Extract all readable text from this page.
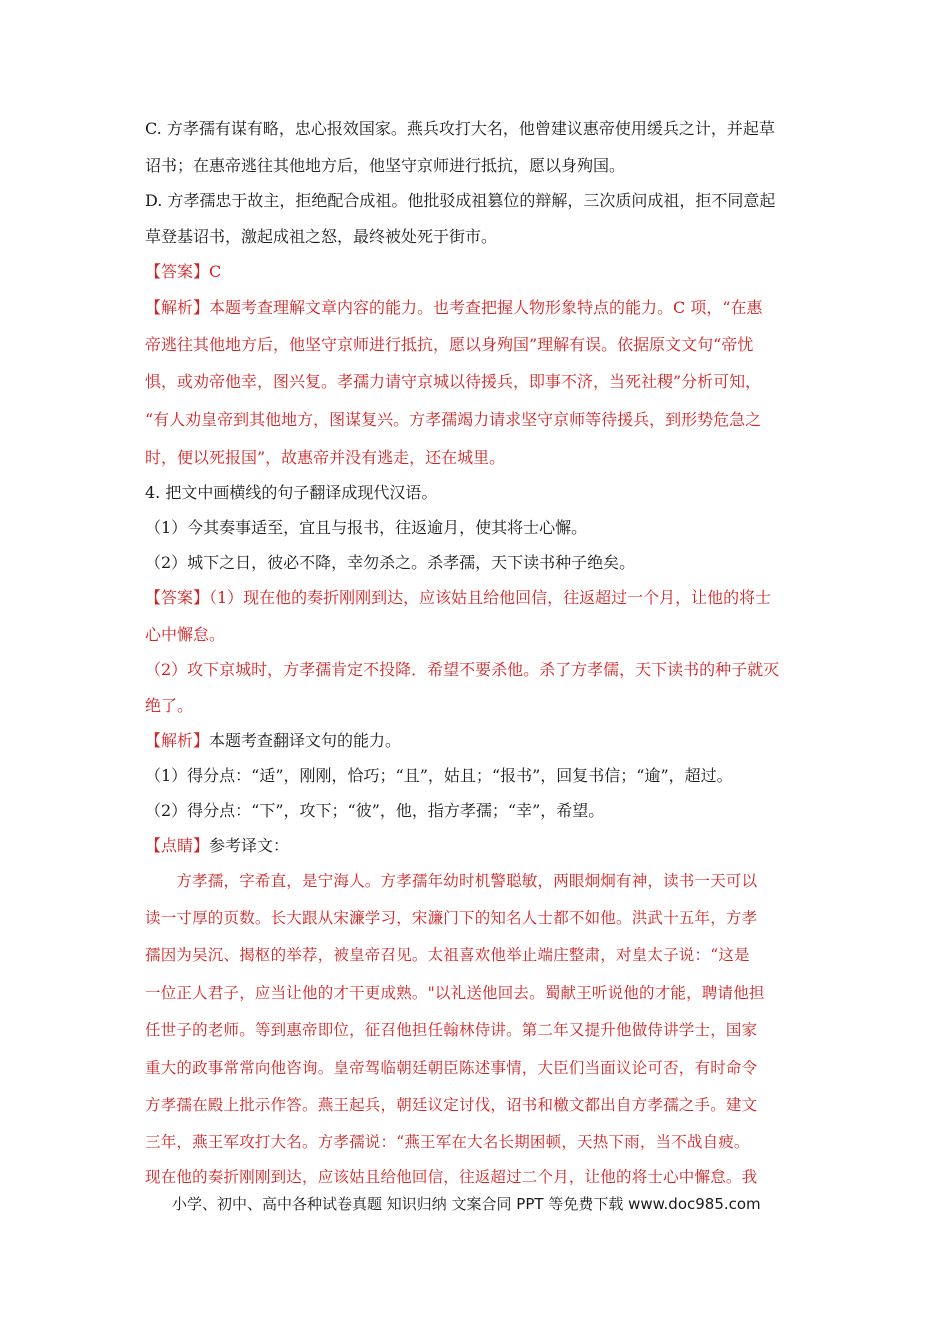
C. 方孝孺有谋有略，忠心报效国家。燕兵攻打大名，他曾建议惠帝使用缓兵之计，并起草
诏书；在惠帝逃往其他地方后，他坚守京师进行抵抗，愿以身殉国。
D. 方孝孺忠于故主，拒绝配合成祖。他批驳成祖篡位的辩解，三次质问成祖，拒不同意起
草登基诏书，激起成祖之怒，最终被处死于街市。
【答案】C
【解析】本题考查理解文章内容的能力。也考查把握人物形象特点的能力。C 项，“在惠
帝逃往其他地方后，他坚守京师进行抵抗，愿以身殉国”理解有误。依据原文文句“帝忧
惧，或劝帝他幸，图兴复。孝孺力请守京城以待援兵，即事不济，当死社稷”分析可知，
“有人劝皇帝到其他地方，图谋复兴。方孝孺竭力请求坚守京师等待援兵，到形势危急之
时，便以死报国”，故惠帝并没有逃走，还在城里。
4. 把文中画横线的句子翻译成现代汉语。
（1）今其奏事适至，宜且与报书，往返逾月，使其将士心懈。
（2）城下之日，彼必不降，幸勿杀之。杀孝孺，天下读书种子绝矣。
【答案】（1）现在他的奏折刚刚到达，应该姑且给他回信，往返超过一个月，让他的将士
心中懈怠。
（2）攻下京城时，方孝孺肯定不投降．希望不要杀他。杀了方孝儒，天下读书的种子就灭
绝了。
【解析】本题考查翻译文句的能力。
（1）得分点：“适”，刚刚，恰巧；“且”，姑且；“报书”，回复书信；“逾”，超过。
（2）得分点：“下”，攻下；“彼”，他，指方孝孺；“幸”，希望。
【点睛】参考译文：
　　方孝孺，字希直，是宁海人。方孝孺年幼时机警聪敏，两眼炯炯有神，读书一天可以
读一寸厚的页数。长大跟从宋濂学习，宋濂门下的知名人士都不如他。洪武十五年，方孝
孺因为吴沉、揭枢的举荐，被皇帝召见。太祖喜欢他举止端庄整肃，对皇太子说：“这是
一位正人君子，应当让他的才干更成熟。"以礼送他回去。蜀献王听说他的才能，聘请他担
任世子的老师。等到惠帝即位，征召他担任翰林侍讲。第二年又提升他做侍讲学士，国家
重大的政事常常向他咨询。皇帝驾临朝廷朝臣陈述事情，大臣们当面议论可否，有时命令
方孝孺在殿上批示作答。燕王起兵，朝廷议定讨伐，诏书和檄文都出自方孝孺之手。建文
三年，燕王军攻打大名。方孝孺说：“燕王军在大名长期困顿，天热下雨，当不战自疲。
现在他的奏折刚刚到达，应该姑且给他回信，往返超过二个月，让他的将士心中懈怠。我
小学、初中、高中各种试卷真题 知识归纳 文案合同 PPT 等免费下载 www.doc985.com
